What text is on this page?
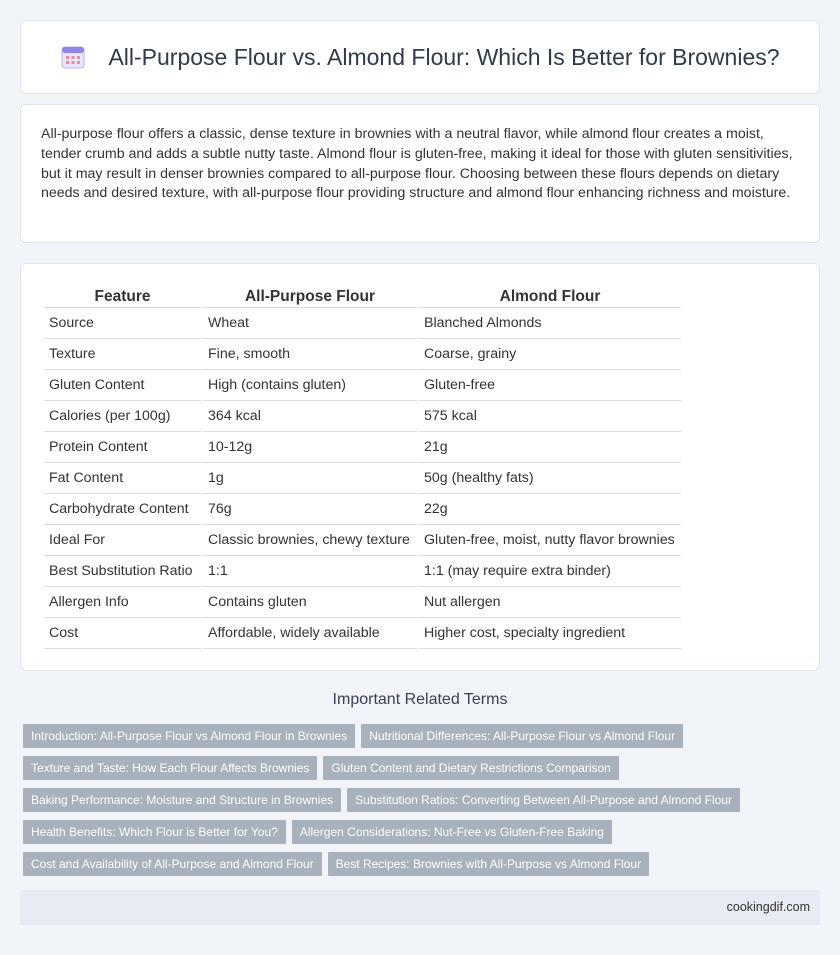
All-Purpose Flour vs. Almond Flour: Which Is Better for Brownies?

All-purpose flour offers a classic, dense texture in brownies with a neutral flavor, while almond flour creates a moist, tender crumb and adds a subtle nutty taste. Almond flour is gluten-free, making it ideal for those with gluten sensitivities, but it may result in denser brownies compared to all-purpose flour. Choosing between these flours depends on dietary needs and desired texture, with all-purpose flour providing structure and almond flour enhancing richness and moisture.

Feature	All-Purpose Flour	Almond Flour
Source	Wheat	Blanched Almonds
Texture	Fine, smooth	Coarse, grainy
Gluten Content	High (contains gluten)	Gluten-free
Calories (per 100g)	364 kcal	575 kcal
Protein Content	10-12g	21g
Fat Content	1g	50g (healthy fats)
Carbohydrate Content	76g	22g
Ideal For	Classic brownies, chewy texture	Gluten-free, moist, nutty flavor brownies
Best Substitution Ratio	1:1	1:1 (may require extra binder)
Allergen Info	Contains gluten	Nut allergen
Cost	Affordable, widely available	Higher cost, specialty ingredient
Important Related Terms
Introduction: All-Purpose Flour vs Almond Flour in Brownies Nutritional Differences: All-Purpose Flour vs Almond FlourTexture and Taste: How Each Flour Affects Brownies Gluten Content and Dietary Restrictions ComparisonBaking Performance: Moisture and Structure in Brownies Substitution Ratios: Converting Between All-Purpose and Almond FlourHealth Benefits: Which Flour is Better for You? Allergen Considerations: Nut-Free vs Gluten-Free BakingCost and Availability of All-Purpose and Almond Flour Best Recipes: Brownies with All-Purpose vs Almond Flour
cookingdif.com
